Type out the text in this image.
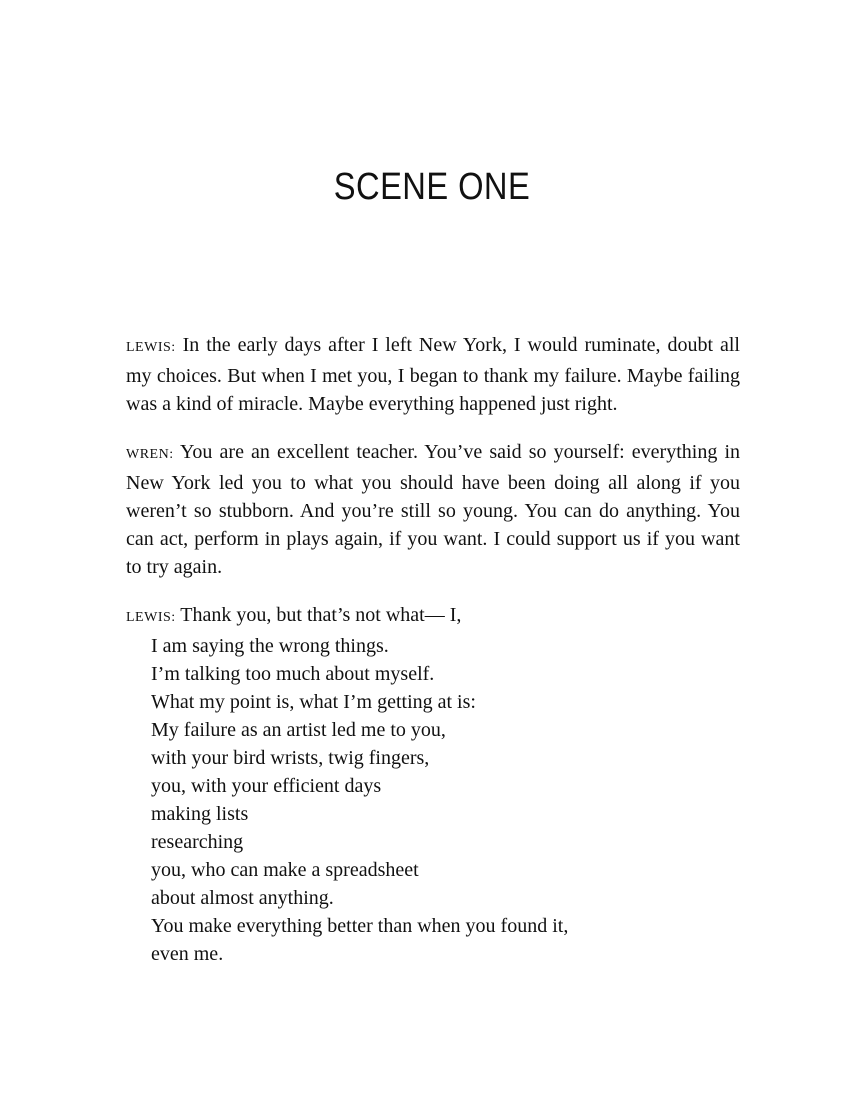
SCENE ONE

LEWIS: In the early days after I left New York, I would ruminate, doubt all my choices. But when I met you, I began to thank my failure. Maybe failing was a kind of miracle. Maybe everything happened just right.

WREN: You are an excellent teacher. You’ve said so yourself: everything in New York led you to what you should have been doing all along if you weren’t so stubborn. And you’re still so young. You can do anything. You can act, perform in plays again, if you want. I could support us if you want to try again.

LEWIS: Thank you, but that’s not what— I,
I am saying the wrong things.
I’m talking too much about myself.
What my point is, what I’m getting at is:
My failure as an artist led me to you,
with your bird wrists, twig fingers,
you, with your efficient days
making lists
researching
you, who can make a spreadsheet
about almost anything.
You make everything better than when you found it,
even me.
